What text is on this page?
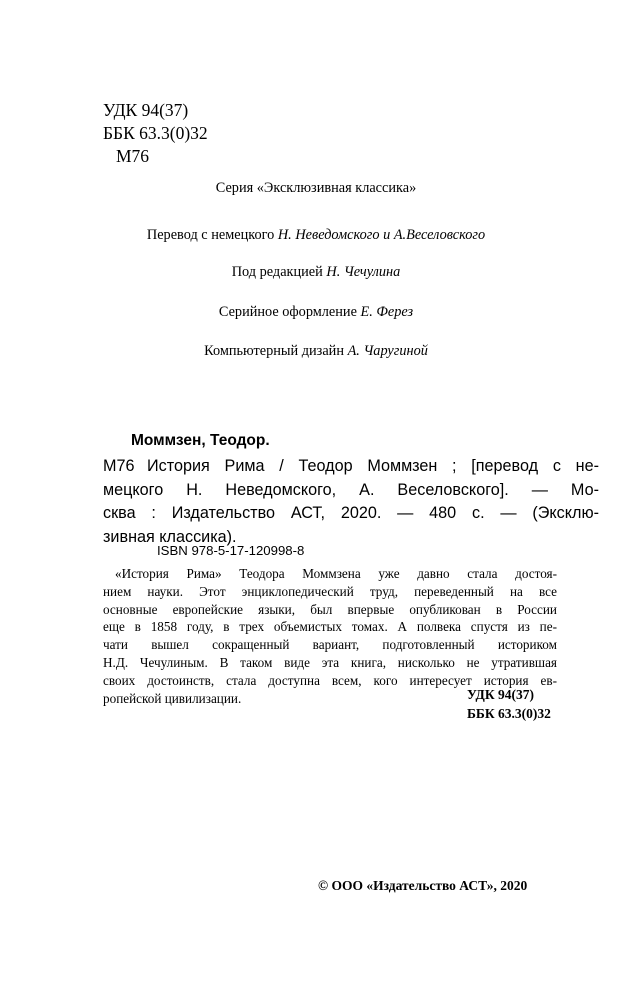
УДК 94(37)
ББК 63.3(0)32
М76
Серия «Эксклюзивная классика»
Перевод с немецкого Н. Неведомского и А.Веселовского
Под редакцией Н. Чечулина
Серийное оформление Е. Ферез
Компьютерный дизайн А. Чаругиной
Моммзен, Теодор.
М76 История Рима / Теодор Моммзен ; [перевод с не-
мецкого Н. Неведомского, А. Веселовского]. — Мо-
сква : Издательство АСТ, 2020. — 480 с. — (Эксклю-
зивная классика).
ISBN 978-5-17-120998-8
«История Рима» Теодора Моммзена уже давно стала достоя-
нием науки. Этот энциклопедический труд, переведенный на все
основные европейские языки, был впервые опубликован в России
еще в 1858 году, в трех объемистых томах. А полвека спустя из пе-
чати вышел сокращенный вариант, подготовленный историком
Н.Д. Чечулиным. В таком виде эта книга, нисколько не утратившая
своих достоинств, стала доступна всем, кого интересует история ев-
ропейской цивилизации.	УДК 94(37)
ББК 63.3(0)32
© ООО «Издательство АСТ», 2020
